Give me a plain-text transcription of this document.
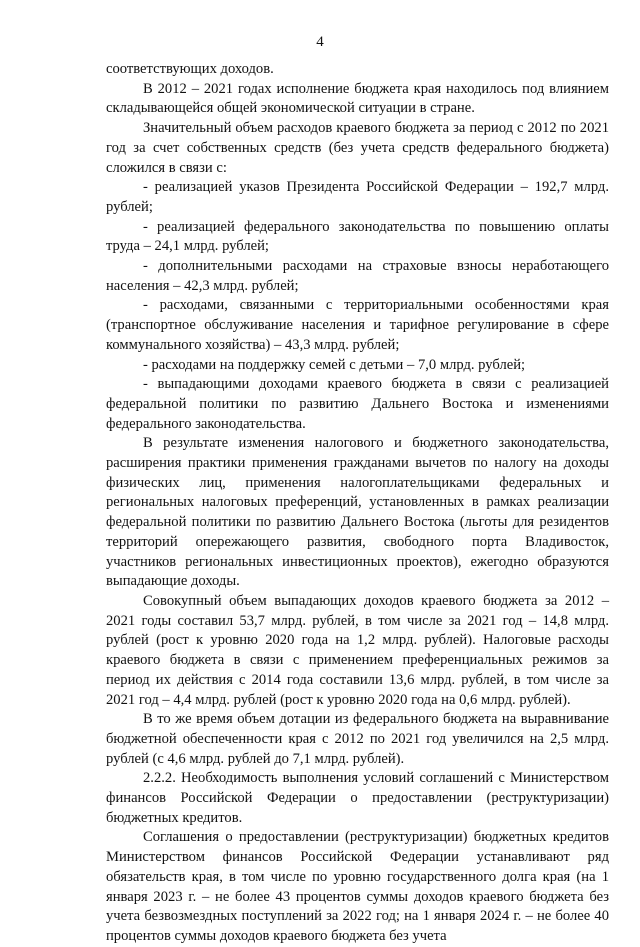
4

соответствующих доходов.

В 2012 – 2021 годах исполнение бюджета края находилось под влиянием складывающейся общей экономической ситуации в стране.

Значительный объем расходов краевого бюджета за период с 2012 по 2021 год за счет собственных средств (без учета средств федерального бюджета) сложился в связи с:

- реализацией указов Президента Российской Федерации – 192,7 млрд. рублей;

- реализацией федерального законодательства по повышению оплаты труда – 24,1 млрд. рублей;

- дополнительными расходами на страховые взносы неработающего населения – 42,3 млрд. рублей;

- расходами, связанными с территориальными особенностями края (транспортное обслуживание населения и тарифное регулирование в сфере коммунального хозяйства) – 43,3 млрд. рублей;

- расходами на поддержку семей с детьми – 7,0 млрд. рублей;

- выпадающими доходами краевого бюджета в связи с реализацией федеральной политики по развитию Дальнего Востока и изменениями федерального законодательства.

В результате изменения налогового и бюджетного законодательства, расширения практики применения гражданами вычетов по налогу на доходы физических лиц, применения налогоплательщиками федеральных и региональных налоговых преференций, установленных в рамках реализации федеральной политики по развитию Дальнего Востока (льготы для резидентов территорий опережающего развития, свободного порта Владивосток, участников региональных инвестиционных проектов), ежегодно образуются выпадающие доходы.

Совокупный объем выпадающих доходов краевого бюджета за 2012 – 2021 годы составил 53,7 млрд. рублей, в том числе за 2021 год – 14,8 млрд. рублей (рост к уровню 2020 года на 1,2 млрд. рублей). Налоговые расходы краевого бюджета в связи с применением преференциальных режимов за период их действия с 2014 года составили 13,6 млрд. рублей, в том числе за 2021 год – 4,4 млрд. рублей (рост к уровню 2020 года на 0,6 млрд. рублей).

В то же время объем дотации из федерального бюджета на выравнивание бюджетной обеспеченности края с 2012 по 2021 год увеличился на 2,5 млрд. рублей (с 4,6 млрд. рублей до 7,1 млрд. рублей).

2.2.2. Необходимость выполнения условий соглашений с Министерством финансов Российской Федерации о предоставлении (реструктуризации) бюджетных кредитов.

Соглашения о предоставлении (реструктуризации) бюджетных кредитов Министерством финансов Российской Федерации устанавливают ряд обязательств края, в том числе по уровню государственного долга края (на 1 января 2023 г. – не более 43 процентов суммы доходов краевого бюджета без учета безвозмездных поступлений за 2022 год; на 1 января 2024 г. – не более 40 процентов суммы доходов краевого бюджета без учета
